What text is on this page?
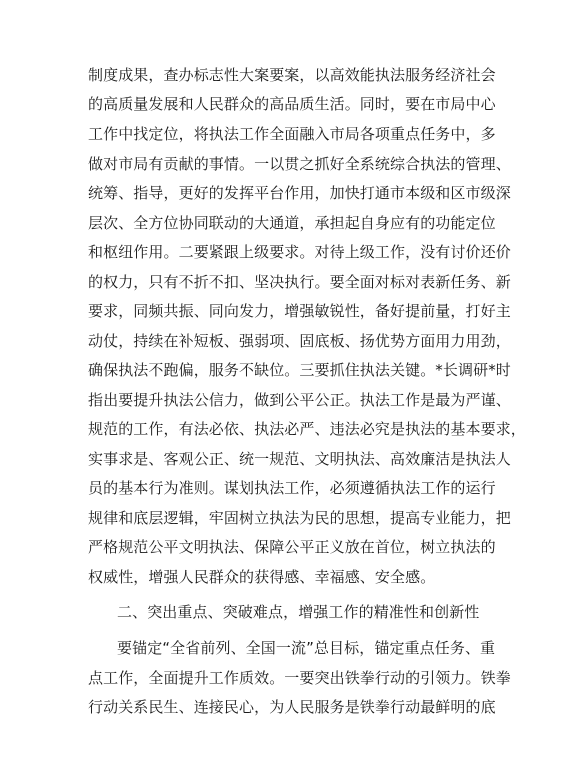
制度成果，查办标志性大案要案，以高效能执法服务经济社会
的高质量发展和人民群众的高品质生活。同时，要在市局中心
工作中找定位，将执法工作全面融入市局各项重点任务中，多
做对市局有贡献的事情。一以贯之抓好全系统综合执法的管理、
统筹、指导，更好的发挥平台作用，加快打通市本级和区市级深
层次、全方位协同联动的大通道，承担起自身应有的功能定位
和枢纽作用。二要紧跟上级要求。对待上级工作，没有讨价还价
的权力，只有不折不扣、坚决执行。要全面对标对表新任务、新
要求，同频共振、同向发力，增强敏锐性，备好提前量，打好主
动仗，持续在补短板、强弱项、固底板、扬优势方面用力用劲，
确保执法不跑偏，服务不缺位。三要抓住执法关键。*长调研*时
指出要提升执法公信力，做到公平公正。执法工作是最为严谨、
规范的工作，有法必依、执法必严、违法必究是执法的基本要求，
实事求是、客观公正、统一规范、文明执法、高效廉洁是执法人
员的基本行为准则。谋划执法工作，必须遵循执法工作的运行
规律和底层逻辑，牢固树立执法为民的思想，提高专业能力，把
严格规范公平文明执法、保障公平正义放在首位，树立执法的
权威性，增强人民群众的获得感、幸福感、安全感。
二、突出重点、突破难点，增强工作的精准性和创新性
要锚定“全省前列、全国一流”总目标，锚定重点任务、重
点工作，全面提升工作质效。一要突出铁拳行动的引领力。铁拳
行动关系民生、连接民心，为人民服务是铁拳行动最鲜明的底
